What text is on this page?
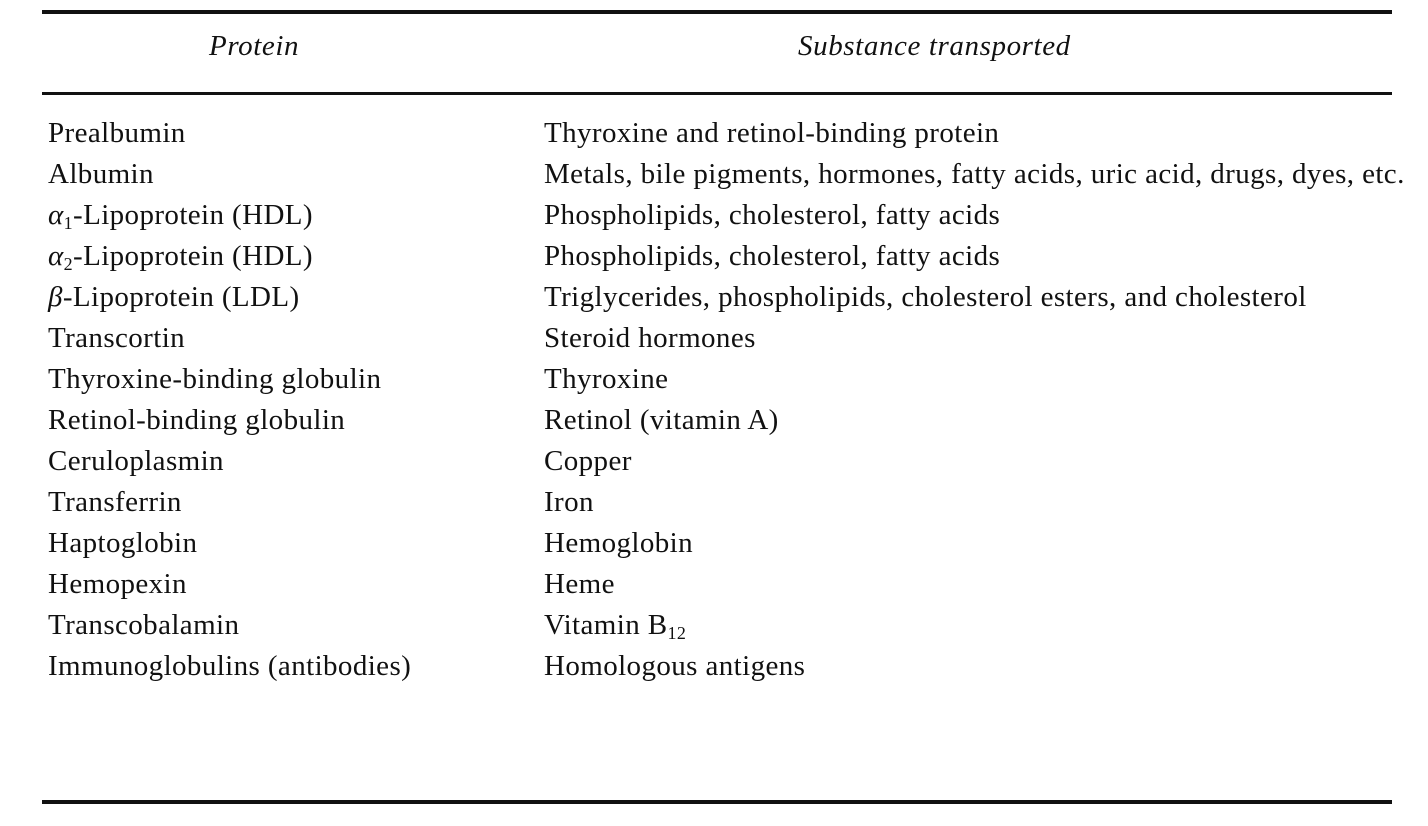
Protein	Substance transported
Prealbumin	Thyroxine and retinol-binding protein
Albumin	Metals, bile pigments, hormones, fatty acids, uric acid, drugs, dyes, etc.
$\alpha_1$-Lipoprotein (HDL)	Phospholipids, cholesterol, fatty acids
$\alpha_2$-Lipoprotein (HDL)	Phospholipids, cholesterol, fatty acids
β-Lipoprotein (LDL)	Triglycerides, phospholipids, cholesterol esters, and cholesterol
Transcortin	Steroid hormones
Thyroxine-binding globulin	Thyroxine
Retinol-binding globulin	Retinol (vitamin A)
Ceruloplasmin	Copper
Transferrin	Iron
Haptoglobin	Hemoglobin
Hemopexin	Heme
Transcobalamin	Vitamin $B_{12}$
Immunoglobulins (antibodies)	Homologous antigens
